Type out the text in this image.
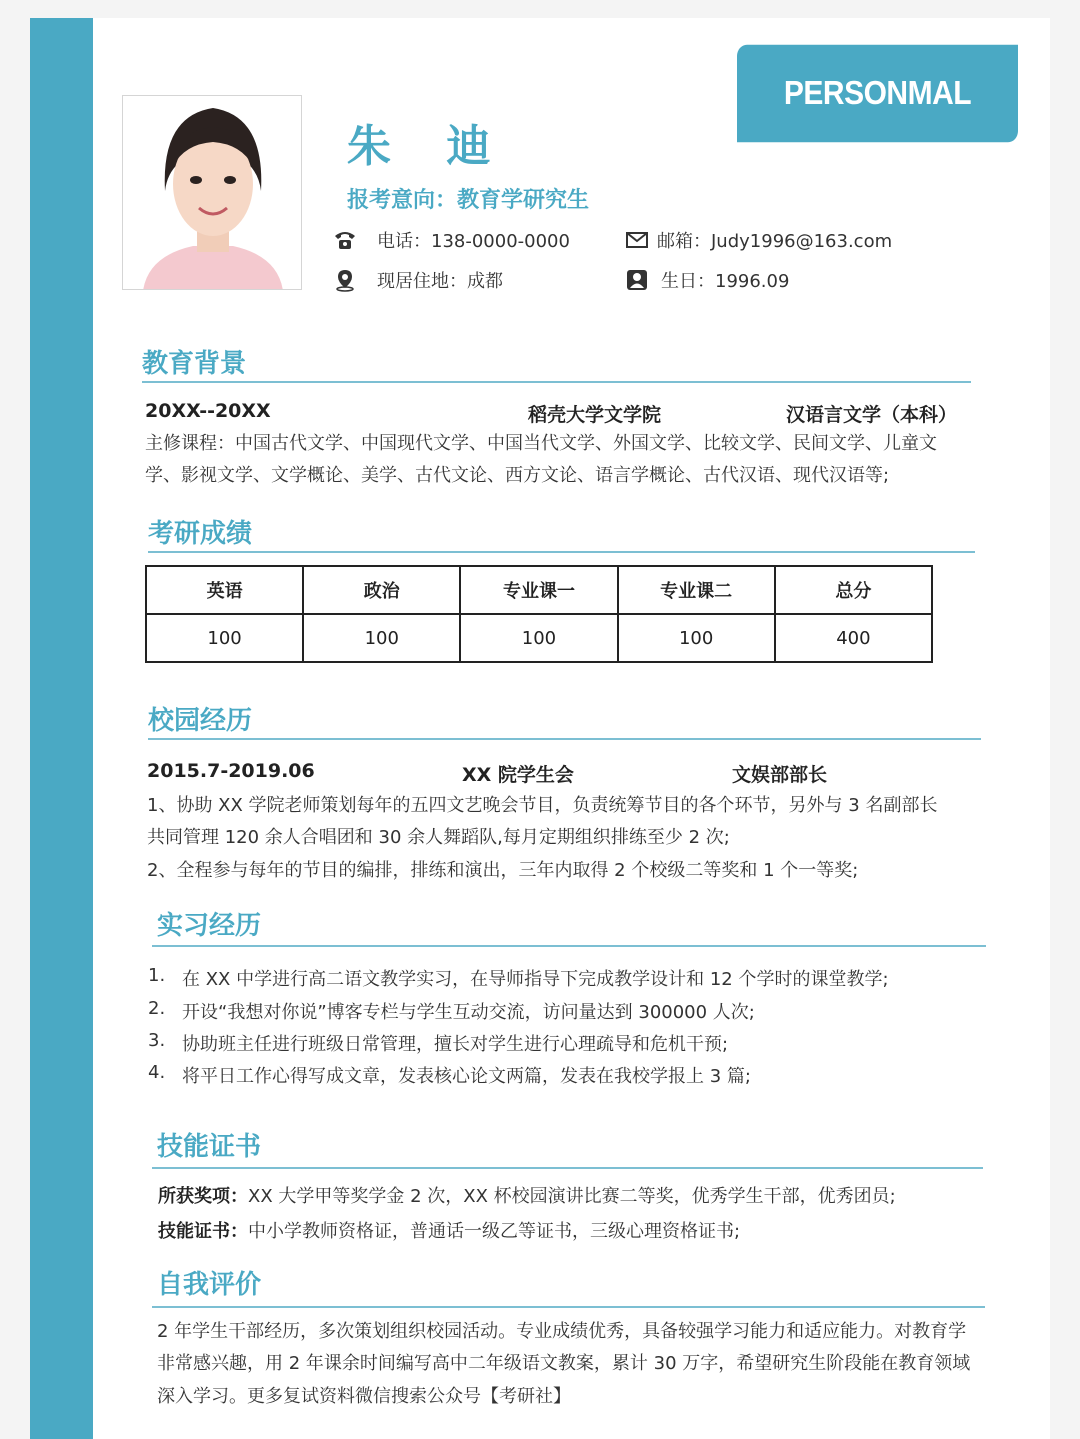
PERSONMAL RESUME
朱 迪
报考意向：教育学研究生
电话：138-0000-0000	邮箱：Judy1996@163.com
现居住地：成都	生日：1996.09
教育背景
20XX--20XX	稻壳大学文学院	汉语言文学（本科）
主修课程：中国古代文学、中国现代文学、中国当代文学、外国文学、比较文学、民间文学、儿童文学、影视文学、文学概论、美学、古代文论、西方文论、语言学概论、古代汉语、现代汉语等;
考研成绩
英语	政治	专业课一	专业课二	总分
100	100	100	100	400
校园经历
2015.7-2019.06	XX 院学生会	文娱部部长
1、协助 XX 学院老师策划每年的五四文艺晚会节目，负责统筹节目的各个环节，另外与 3 名副部长
共同管理 120 余人合唱团和 30 余人舞蹈队,每月定期组织排练至少 2 次;
2、全程参与每年的节目的编排，排练和演出，三年内取得 2 个校级二等奖和 1 个一等奖;
实习经历
1. 在 XX 中学进行高二语文教学实习，在导师指导下完成教学设计和 12 个学时的课堂教学;
2. 开设“我想对你说”博客专栏与学生互动交流，访问量达到 300000 人次;
3. 协助班主任进行班级日常管理，擅长对学生进行心理疏导和危机干预;
4. 将平日工作心得写成文章，发表核心论文两篇，发表在我校学报上 3 篇;
技能证书
所获奖项：XX 大学甲等奖学金 2 次，XX 杯校园演讲比赛二等奖，优秀学生干部，优秀团员;
技能证书：中小学教师资格证，普通话一级乙等证书，三级心理资格证书;
自我评价
2 年学生干部经历，多次策划组织校园活动。专业成绩优秀，具备较强学习能力和适应能力。对教育学
非常感兴趣，用 2 年课余时间编写高中二年级语文教案，累计 30 万字，希望研究生阶段能在教育领域
深入学习。更多复试资料微信搜索公众号【考研社】
